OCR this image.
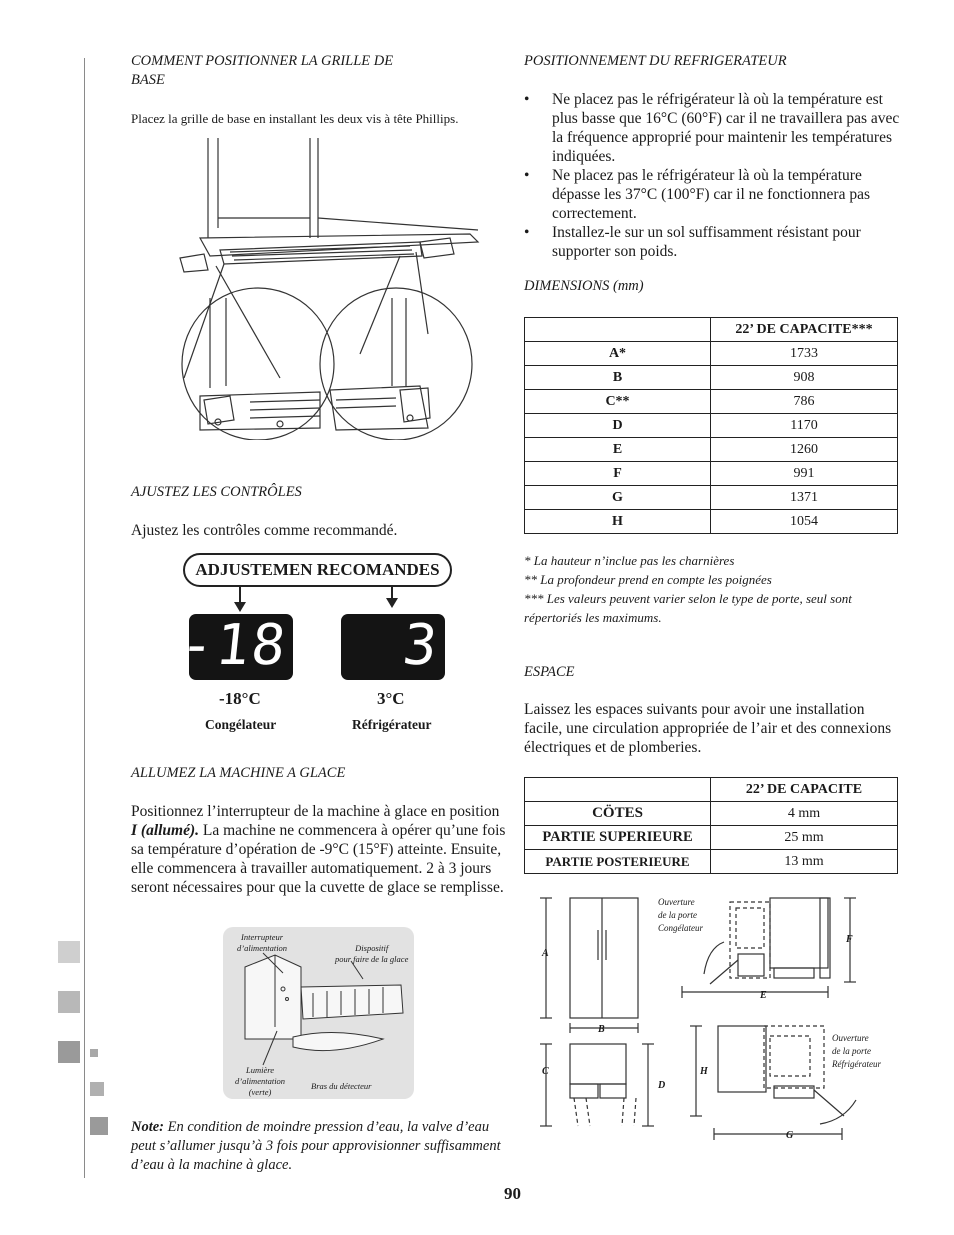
COMMENT POSITIONNER LA GRILLE DE
BASE
Placez la grille de base en installant les deux vis à tête Phillips.
AJUSTEZ LES CONTRÔLES
Ajustez les contrôles comme recommandé.
ADJUSTEMEN RECOMANDES
-18 3
-18°C
Congélateur
3°C
Réfrigérateur
ALLUMEZ LA MACHINE A GLACE
Positionnez l’interrupteur de la machine à glace en position
I (allumé). La machine ne commencera à opérer qu’une fois
sa température d’opération de -9°C (15°F) atteinte. Ensuite,
elle commencera à travailler automatiquement. 2 à 3 jours
seront nécessaires pour que la cuvette de glace se remplisse.
Interrupteur
d’alimentation	Dispositif
pour faire de la glace
Lumière
d’alimentation
(verte)
Bras du détecteur
Note: En condition de moindre pression d’eau, la valve d’eau
peut s’allumer jusqu’à 3 fois pour approvisionner suffisamment
d’eau à la machine à glace.
POSITIONNEMENT DU REFRIGERATEUR
• Ne placez pas le réfrigérateur là où la température est
plus basse que 16°C (60°F) car il ne travaillera pas avec
la fréquence approprié pour maintenir les températures
indiquées.
• Ne placez pas le réfrigérateur là où la température
dépasse les 37°C (100°F) car il ne fonctionnera pas
correctement.
• Installez-le sur un sol suffisamment résistant pour
supporter son poids.
DIMENSIONS (mm)
	22’ DE CAPACITE***
A*	1733
B	908
C**	786
D	1170
E	1260
F	991
G	1371
H	1054
* La hauteur n’inclue pas les charnières
** La profondeur prend en compte les poignées
*** Les valeurs peuvent varier selon le type de porte, seul sont
répertoriés les maximums.
ESPACE
Laissez les espaces suivants pour avoir une installation
facile, une circulation appropriée de l’air et des connexions
électriques et de plomberies.
	22’ DE CAPACITE
CÖTES	4 mm
PARTIE SUPERIEURE	25 mm
PARTIE POSTERIEURE	13 mm
A
B
C
D
E
F
G
H
Ouverture
de la porte
Congélateur
Ouverture
de la porte
Réfrigérateur
90
